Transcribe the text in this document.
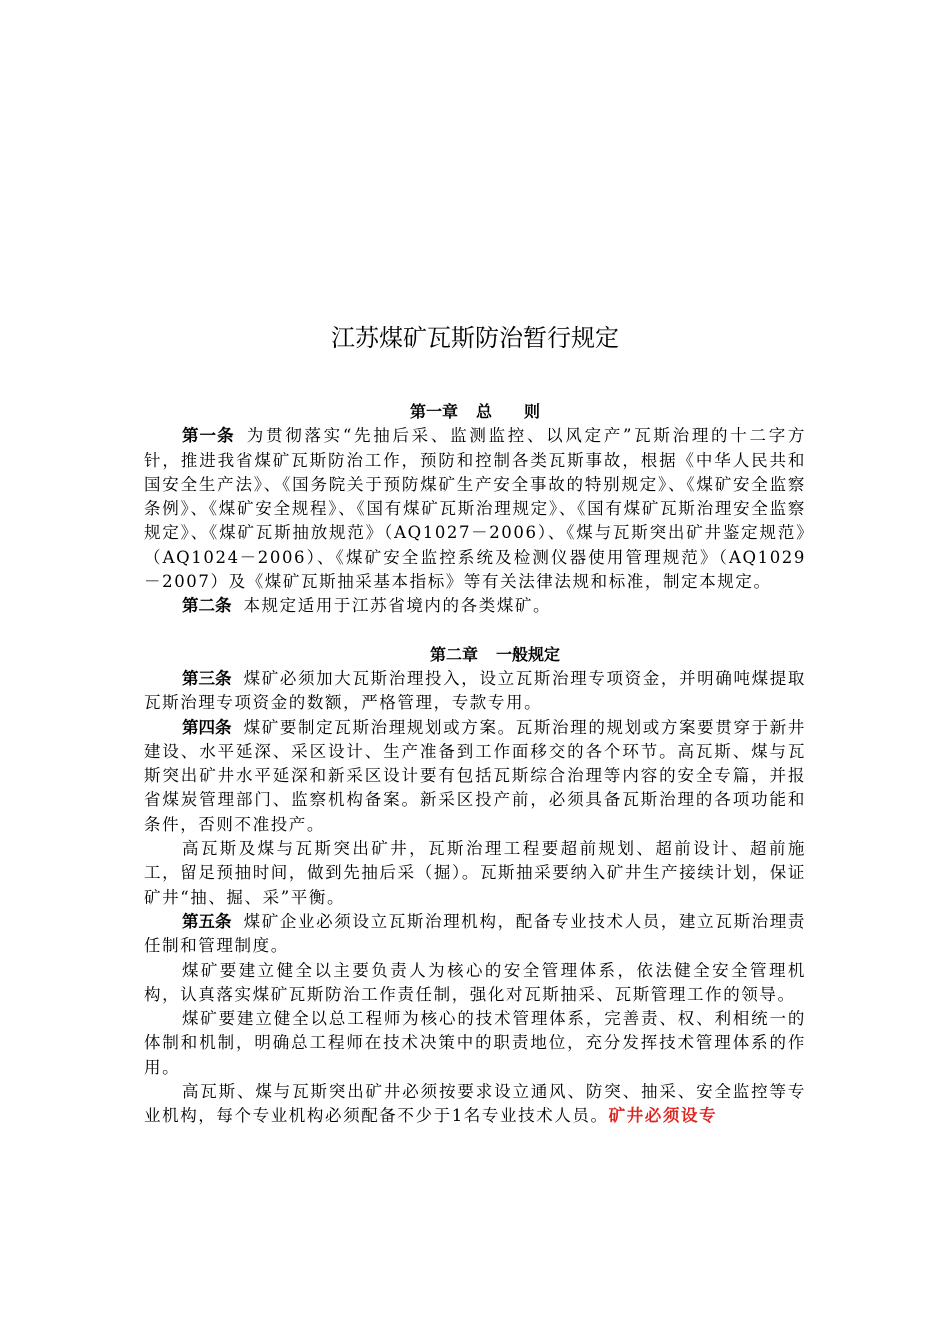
江苏煤矿瓦斯防治暂行规定

第一章 总　　则

第一条 为贯彻落实“先抽后采、监测监控、以风定产”瓦斯治理的十二字方针，推进我省煤矿瓦斯防治工作，预防和控制各类瓦斯事故，根据《中华人民共和国安全生产法》、《国务院关于预防煤矿生产安全事故的特别规定》、《煤矿安全监察条例》、《煤矿安全规程》、《国有煤矿瓦斯治理规定》、《国有煤矿瓦斯治理安全监察规定》、《煤矿瓦斯抽放规范》（AQ1027－2006）、《煤与瓦斯突出矿井鉴定规范》（AQ1024－2006）、《煤矿安全监控系统及检测仪器使用管理规范》（AQ1029－2007）及《煤矿瓦斯抽采基本指标》等有关法律法规和标准，制定本规定。

第二条 本规定适用于江苏省境内的各类煤矿。

第二章 一般规定

第三条 煤矿必须加大瓦斯治理投入，设立瓦斯治理专项资金，并明确吨煤提取瓦斯治理专项资金的数额，严格管理，专款专用。

第四条 煤矿要制定瓦斯治理规划或方案。瓦斯治理的规划或方案要贯穿于新井建设、水平延深、采区设计、生产准备到工作面移交的各个环节。高瓦斯、煤与瓦斯突出矿井水平延深和新采区设计要有包括瓦斯综合治理等内容的安全专篇，并报省煤炭管理部门、监察机构备案。新采区投产前，必须具备瓦斯治理的各项功能和条件，否则不准投产。

高瓦斯及煤与瓦斯突出矿井，瓦斯治理工程要超前规划、超前设计、超前施工，留足预抽时间，做到先抽后采（掘）。瓦斯抽采要纳入矿井生产接续计划，保证矿井“抽、掘、采”平衡。

第五条 煤矿企业必须设立瓦斯治理机构，配备专业技术人员，建立瓦斯治理责任制和管理制度。

煤矿要建立健全以主要负责人为核心的安全管理体系，依法健全安全管理机构，认真落实煤矿瓦斯防治工作责任制，强化对瓦斯抽采、瓦斯管理工作的领导。

煤矿要建立健全以总工程师为核心的技术管理体系，完善责、权、利相统一的体制和机制，明确总工程师在技术决策中的职责地位，充分发挥技术管理体系的作用。

高瓦斯、煤与瓦斯突出矿井必须按要求设立通风、防突、抽采、安全监控等专业机构，每个专业机构必须配备不少于1名专业技术人员。矿井必须设专
